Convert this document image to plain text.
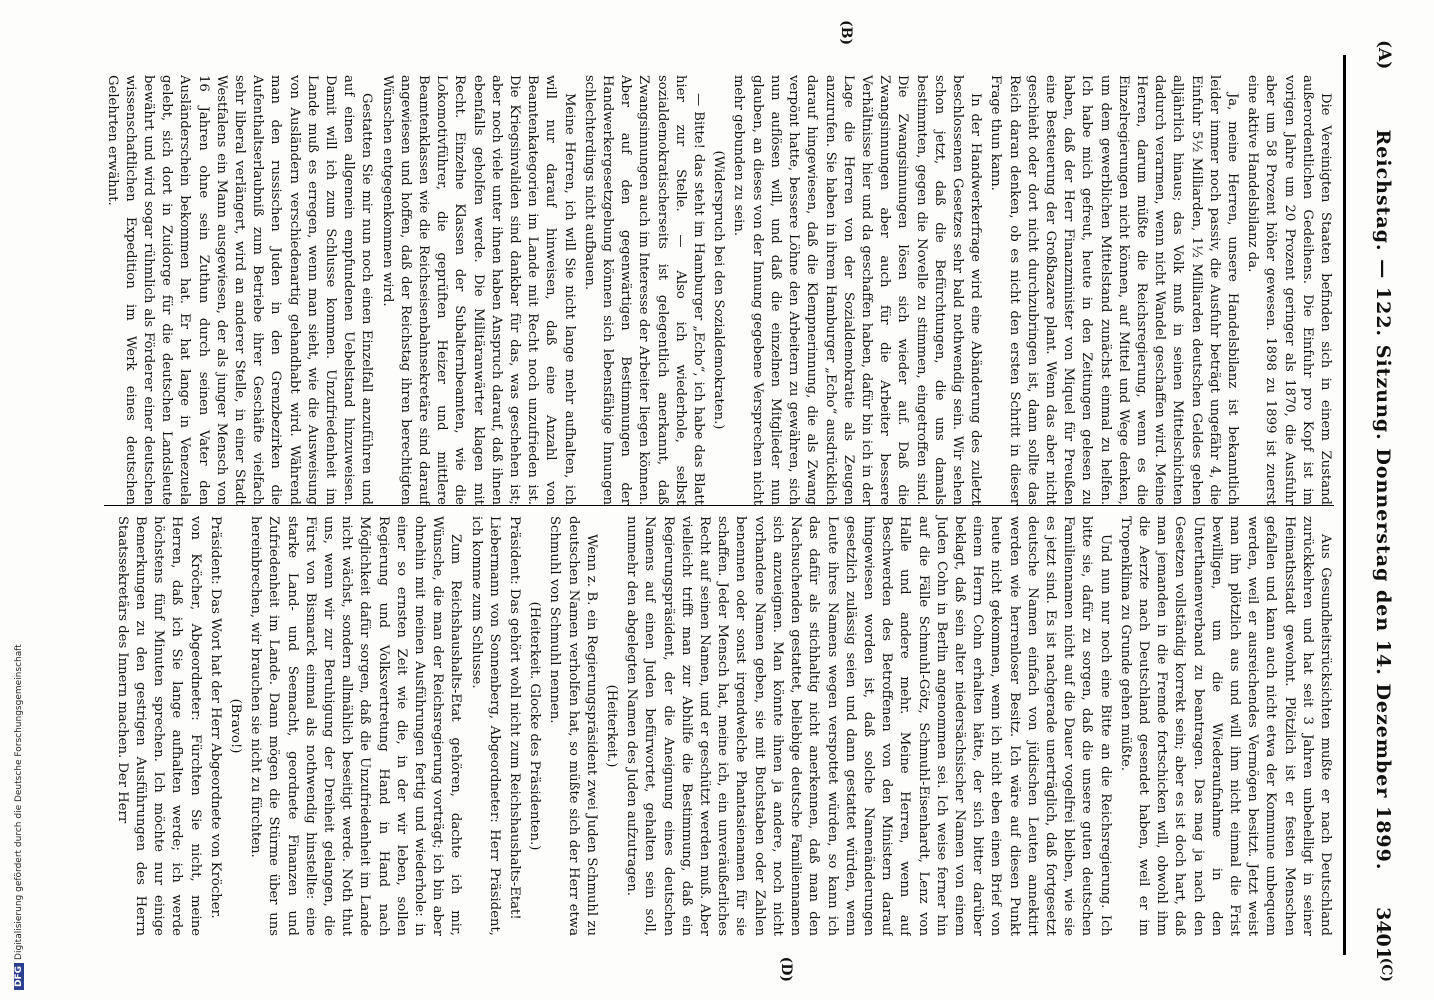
(A)
Reichstag. — 122. Sitzung. Donnerstag den 14. Dezember 1899.
3401
(B)
(C)
(D)

Die Vereinigten Staaten befinden sich in einem Zustand außerordentlichen Gedeihens. Die Einfuhr pro Kopf ist im vorigen Jahre um 20 Prozent geringer als 1870, die Ausfuhr aber um 58 Prozent höher gewesen. 1898 zu 1899 ist zuerst eine aktive Handelsbilanz da.

Ja, meine Herren, unsere Handelsbilanz ist bekanntlich leider immer noch passiv, die Ausfuhr beträgt ungefähr 4, die Einfuhr 5½ Milliarden, 1½ Milliarden deutschen Geldes gehen alljährlich hinaus; das Volk muß in seinen Mittelschichten dadurch verarmen, wenn nicht Wandel geschaffen wird. Meine Herren, darum müßte die Reichsregierung, wenn es die Einzelregierungen nicht können, auf Mittel und Wege denken, um dem gewerblichen Mittelstand zunächst einmal zu helfen. Ich habe mich gefreut, heute in den Zeitungen gelesen zu haben, daß der Herr Finanzminister von Miquel für Preußen eine Besteuerung der Großbazare plant. Wenn das aber nicht geschieht oder dort nicht durchzubringen ist, dann sollte das Reich daran denken, ob es nicht den ersten Schritt in dieser Frage thun kann.

In der Handwerkerfrage wird eine Abänderung des zuletzt beschlossenen Gesetzes sehr bald nothwendig sein. Wir sehen schon jetzt, daß die Befürchtungen, die uns damals bestimmten, gegen die Novelle zu stimmen, eingetroffen sind. Die Zwangsinnungen lösen sich wieder auf. Daß die Zwangsinnungen aber auch für die Arbeiter bessere Verhältnisse hier und da geschaffen haben, dafür bin ich in der Lage die Herren von der Sozialdemokratie als Zeugen anzurufen. Sie haben in ihrem Hamburger „Echo“ ausdrücklich darauf hingewiesen, daß die Klempnerinnung, die als Zwang verpönt hatte, bessere Löhne den Arbeitern zu gewähren, sich nun auflösen will, und daß die einzelnen Mitglieder nun glauben, an dieses von der Innung gegebene Versprechen nicht mehr gebunden zu sein.

(Widerspruch bei den Sozialdemokraten.)

— Bitte! das steht im Hamburger „Echo“, ich habe das Blatt hier zur Stelle. — Also ich wiederhole, selbst sozialdemokratischerseits ist gelegentlich anerkannt, daß Zwangsinnungen auch im Interesse der Arbeiter liegen können. Aber auf den gegenwärtigen Bestimmungen der Handwerkergesetzgebung können sich lebensfähige Innungen schlechterdings nicht aufbauen.

Meine Herren, ich will Sie nicht lange mehr aufhalten, ich will nur darauf hinweisen, daß eine Anzahl von Beamtenkategorien im Lande mit Recht noch unzufrieden ist. Die Kriegsinvaliden sind dankbar für das, was geschehen ist; aber noch viele unter ihnen haben Anspruch darauf, daß ihnen ebenfalls geholfen werde. Die Militäranwärter klagen mit Recht. Einzelne Klassen der Subalternbeamten, wie die Lokomotivführer, die geprüften Heizer und mittlere Beamtenklassen wie die Reichseisenbahnsekretäre sind darauf angewiesen und hoffen, daß der Reichstag ihren berechtigten Wünschen entgegenkommen wird.

Gestatten Sie mir nun noch einen Einzelfall anzuführen und auf einen allgemein empfundenen Uebelstand hinzuweisen. Damit will ich zum Schlusse kommen. Unzufriedenheit im Lande muß es erregen, wenn man sieht, wie die Ausweisung von Ausländern verschiedenartig gehandhabt wird. Während man den russischen Juden in den Grenzbezirken die Aufenthaltserlaubniß zum Betriebe ihrer Geschäfte vielfach sehr liberal verlängert, wird an anderer Stelle, in einer Stadt Westfalens ein Mann ausgewiesen, der als junger Mensch von 16 Jahren ohne sein Zuthun durch seinen Vater den Ausländerschein bekommen hat. Er hat lange in Venezuela gelebt, sich dort in Zuidorge für die deutschen Landsleute bewährt und wird sogar rühmlich als Förderer einer deutschen wissenschaftlichen Expedition im Werk eines deutschen Gelehrten erwähnt.

Aus Gesundheitsrücksichten mußte er nach Deutschland zurückkehren und hat seit 3 Jahren unbehelligt in seiner Heimathsstadt gewohnt. Plötzlich ist er festen Menschen gefallen und kann auch nicht etwa der Kommune unbequem werden, weil er ausreichendes Vermögen besitzt. Jetzt weist man ihn plötzlich aus und will ihm nicht einmal die Frist bewilligen, um die Wiederaufnahme in den Unterthanenverband zu beantragen. Das mag ja nach den Gesetzen vollständig korrekt sein; aber es ist doch hart, daß man jemanden in die Fremde fortschicken will, obwohl ihm die Aerzte nach Deutschland gesendet haben, weil er im Tropenklima zu Grunde gehen müßte.

Und nun nur noch eine Bitte an die Reichsregierung. Ich bitte sie, dafür zu sorgen, daß die unsere guten deutschen Familiennamen nicht auf die Dauer vogelfrei bleiben, wie sie es jetzt sind. Es ist nachgerade unerträglich, daß fortgesetzt deutsche Namen einfach von jüdischen Leuten annektirt werden wie herrenloser Besitz. Ich wäre auf diesen Punkt heute nicht gekommen, wenn ich nicht eben einen Brief von einem Herrn Cohn erhalten hätte, der sich bitter darüber beklagt, daß sein alter niedersächsischer Namen von einem Juden Cohn in Berlin angenommen sei. Ich weise ferner hin auf die Fälle Schmuhl-Götz, Schmuhl-Eisenhardt, Lenz von Halle und andere mehr. Meine Herren, wenn auf Beschwerden des Betroffenen von den Ministern darauf hingewiesen worden ist, daß solche Namenänderungen gesetzlich zulässig seien und dann gestattet würden, wenn Leute ihres Namens wegen verspottet würden, so kann ich das dafür als stichhaltig nicht anerkennen, daß man den Nachsuchenden gestattet, beliebige deutsche Familiennamen sich anzueignen. Man könnte ihnen ja andere, noch nicht vorhandene Namen geben, sie mit Buchstaben oder Zahlen benennen oder sonst irgendwelche Phantasienamen für sie schaffen. Jeder Mensch hat, meine ich, ein unveräußerliches Recht auf seinen Namen, und er geschützt werden muß. Aber vielleicht trifft man zur Abhilfe die Bestimmung, daß ein Regierungspräsident, der die Aneignung eines deutschen Namens auf einen Juden befürwortet, gehalten sein soll, nunmehr den abgelegten Namen des Juden aufzutragen.

(Heiterkeit.)

Wenn z. B. ein Regierungspräsident zwei Juden Schmuhl zu deutschen Namen verholfen hat, so müßte sich der Herr etwa Schmuhl von Schmuhl nennen.

(Heiterkeit. Glocke des Präsidenten.)

Präsident: Das gehört wohl nicht zum Reichshaushalts-Etat!

Liebermann von Sonnenberg, Abgeordneter: Herr Präsident, ich komme zum Schlusse.

Zum Reichshaushalts-Etat gehören, dachte ich mir, Wünsche, die man der Reichsregierung vorträgt; ich bin aber ohnehin mit meinen Ausführungen fertig und wiederhole: in einer so ernsten Zeit wie die, in der wir leben, sollen Regierung und Volksvertretung Hand in Hand nach Möglichkeit dafür sorgen, daß die Unzufriedenheit im Lande nicht wächst, sondern allmählich beseitigt werde. Noth thut uns, wenn wir zur Beruhigung der Dreiheit gelangen, die Fürst von Bismarck einmal als nothwendig hinstellte: eine starke Land- und Seemacht, geordnete Finanzen und Zufriedenheit im Lande. Dann mögen die Stürme über uns hereinbrechen, wir brauchen sie nicht zu fürchten.

(Bravo!)

Präsident: Das Wort hat der Herr Abgeordnete von Kröcher.

von Kröcher, Abgeordneter: Fürchten Sie nicht, meine Herren, daß ich Sie lange aufhalten werde; ich werde höchstens fünf Minuten sprechen. Ich möchte nur einige Bemerkungen zu den gestrigen Ausführungen des Herrn Staatssekretärs des Innern machen. Der Herr

DFGDigitalisierung gefördert durch die Deutsche Forschungsgemeinschaft
